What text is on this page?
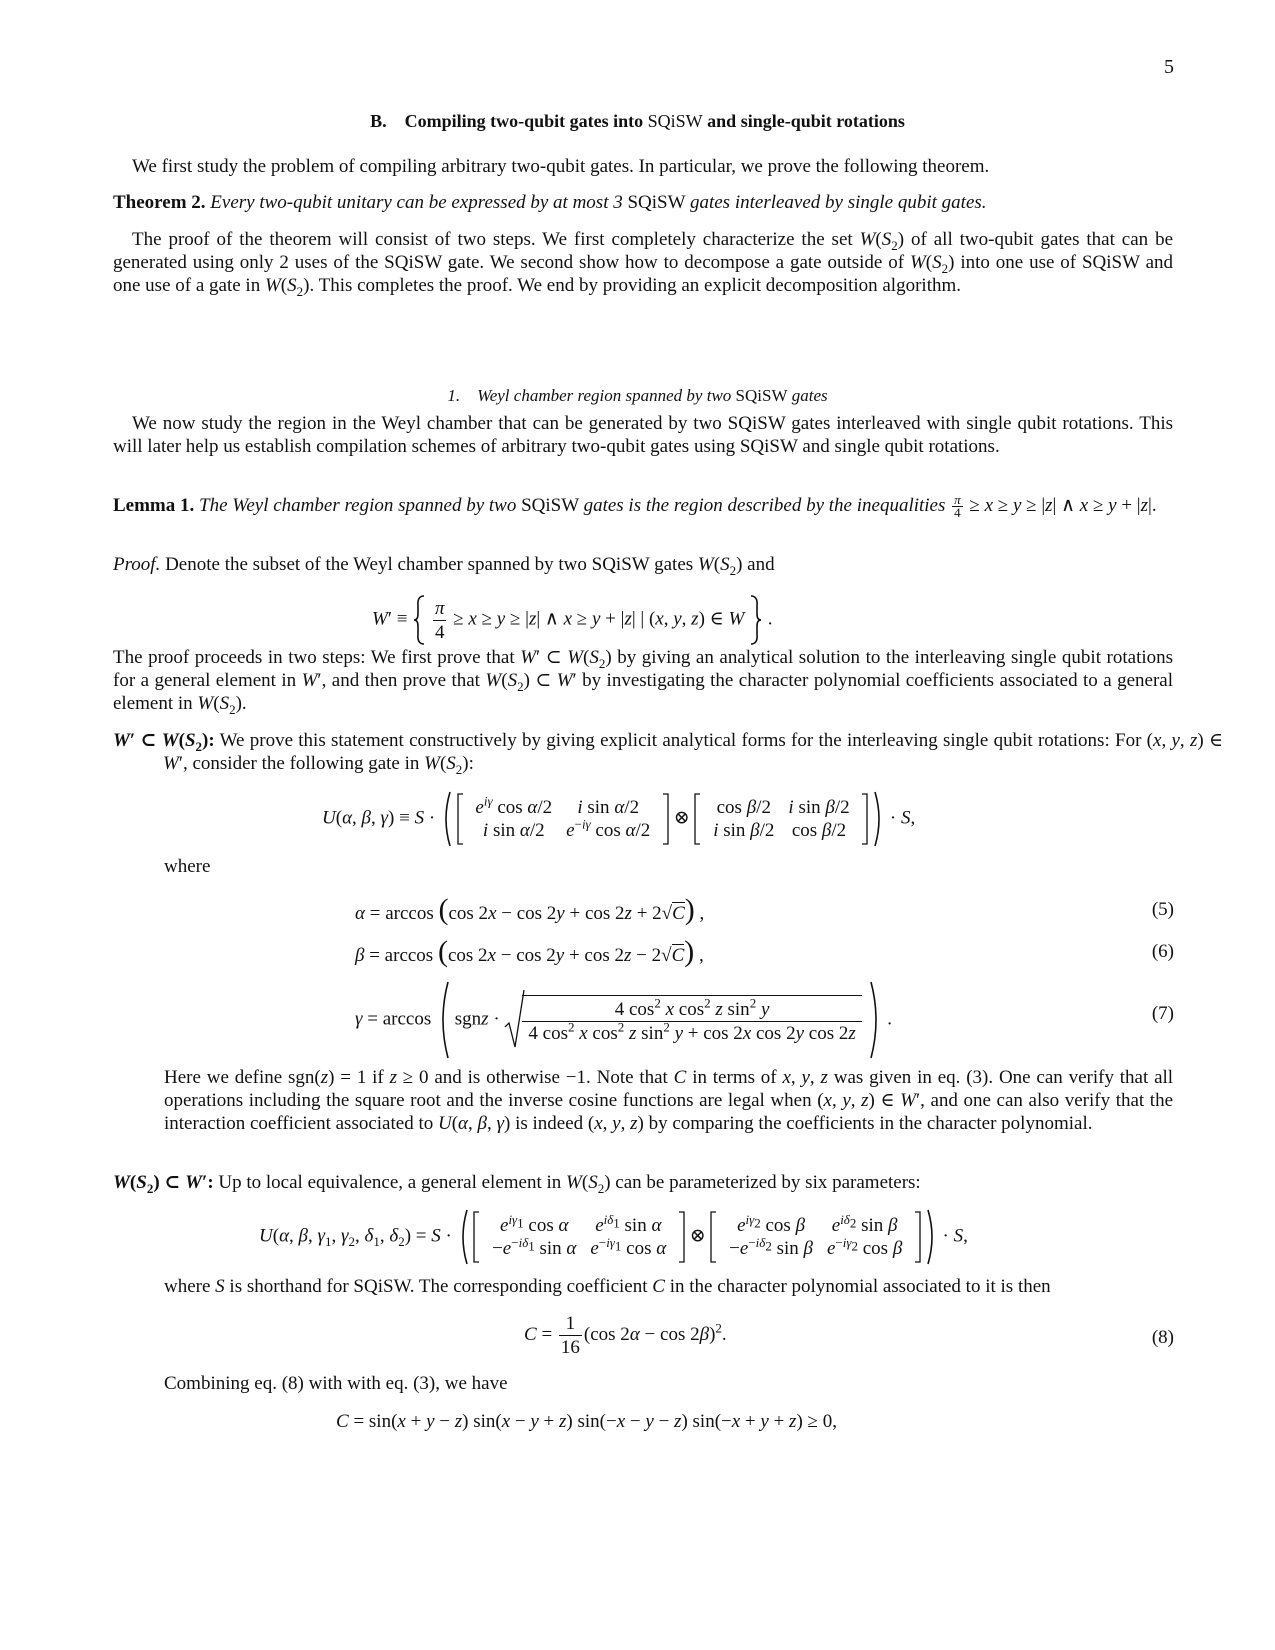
5
B. Compiling two-qubit gates into SQiSW and single-qubit rotations
We first study the problem of compiling arbitrary two-qubit gates. In particular, we prove the following theorem.
Theorem 2. Every two-qubit unitary can be expressed by at most 3 SQiSW gates interleaved by single qubit gates.
The proof of the theorem will consist of two steps. We first completely characterize the set $W(S_2)$ of all two-qubit gates that can be generated using only 2 uses of the SQiSW gate. We second show how to decompose a gate outside of $W(S_2)$ into one use of SQiSW and one use of a gate in $W(S_2)$. This completes the proof. We end by providing an explicit decomposition algorithm.
1. Weyl chamber region spanned by two SQiSW gates
We now study the region in the Weyl chamber that can be generated by two SQiSW gates interleaved with single qubit rotations. This will later help us establish compilation schemes of arbitrary two-qubit gates using SQiSW and single qubit rotations.
Lemma 1. The Weyl chamber region spanned by two SQiSW gates is the region described by the inequalities $\frac{\pi}{4} \ge x \ge y \ge |z|$ ∧ x ≥ y + |z|.
Proof. Denote the subset of the Weyl chamber spanned by two SQiSW gates $W(S_2)$ and
$W' \equiv \frac{\pi}{4} \ge x \ge y \ge |z|$ ∧ x ≥ y + |z| | (x, y, z) ∈ W  .
The proof proceeds in two steps: We first prove that W′ ⊂ $W(S_2)$ by giving an analytical solution to the interleaving single qubit rotations for a general element in W′, and then prove that $W(S_2)$ ⊂ W′ by investigating the character polynomial coefficients associated to a general element in $W(S_2)$.
W′ ⊂ $W(S_2)$: We prove this statement constructively by giving explicit analytical forms for the interleaving single qubit rotations: For (x, y, z) ∈ W′, consider the following gate in $W(S_2)$:
U(α, β, $\gamma) \equiv S \cdot e^{i\gamma}$ cos α/2	i sin α/2
i sin α/2	$e^{-i\gamma}$ cos α/2  ⊗ cos β/2	i sin β/2
i sin β/2	cos β/2   · S,
where
α = arccos (cos 2x − cos 2y + cos 2z + 2√C) ,	(5)
β = arccos (cos 2x − cos 2y + cos 2z − 2√C) ,	(6)
γ = arccos  sgnz · $\frac{4 \cos^2 x \cos^2 z \sin^2 y}{4 \cos^2 x \cos^2 z \sin^2 y + \cos 2x \cos 2y \cos 2z}$ .	(7)
Here we define sgn(z) = 1 if z ≥ 0 and is otherwise −1. Note that C in terms of x, y, z was given in eq. (3). One can verify that all operations including the square root and the inverse cosine functions are legal when (x, y, z) ∈ W′, and one can also verify that the interaction coefficient associated to U(α, β, γ) is indeed (x, y, z) by comparing the coefficients in the character polynomial.
$W(S_2)$ ⊂ W′: Up to local equivalence, a general element in $W(S_2)$ can be parameterized by six parameters:
U(α, β, $\gamma_1$, $\gamma_2$, $\delta_1$, $\delta_2) = S \cdot e^{i\gamma_1}$ cos α	$e^{i\delta_1}$ sin α
$-e^{-i\delta_1}$ sin α	$e^{-i\gamma_1}$ cos α  ⊗ $e^{i\gamma_2}$ cos β	$e^{i\delta_2}$ sin β
$-e^{-i\delta_2}$ sin β	$e^{-i\gamma_2}$ cos β   · S,
where S is shorthand for SQiSW. The corresponding coefficient C in the character polynomial associated to it is then
$C = \frac{1}{16} (\cos$ 2α − cos 2β)$^2$.	(8)
Combining eq. (8) with with eq. (3), we have
C = sin(x + y − z) sin(x − y + z) sin(−x − y − z) sin(−x + y + z) ≥ 0,
